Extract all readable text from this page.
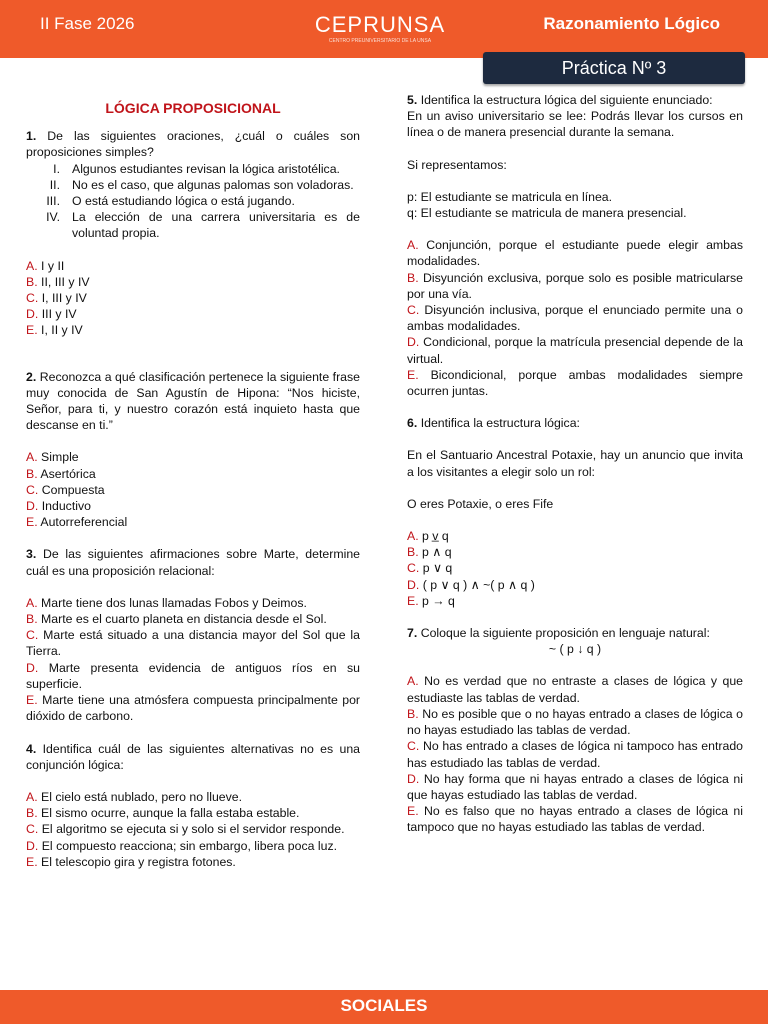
II Fase 2026	CEPRUNSA
CENTRO PREUNIVERSITARIO DE LA UNSA
Razonamiento Lógico
Práctica Nº 3
LÓGICA PROPOSICIONAL

1. De las siguientes oraciones, ¿cuál o cuáles son proposiciones simples?

I. Algunos estudiantes revisan la lógica aristotélica.
II. No es el caso, que algunas palomas son voladoras.
III. O está estudiando lógica o está jugando.
IV. La elección de una carrera universitaria es de voluntad propia.

A. I y II

B. II, III y IV

C. I, III y IV

D. III y IV

E. I, II y IV

2. Reconozca a qué clasificación pertenece la siguiente frase muy conocida de San Agustín de Hipona: “Nos hiciste, Señor, para ti, y nuestro corazón está inquieto hasta que descanse en ti.”

A. Simple

B. Asertórica

C. Compuesta

D. Inductivo

E. Autorreferencial

3. De las siguientes afirmaciones sobre Marte, determine cuál es una proposición relacional:

A. Marte tiene dos lunas llamadas Fobos y Deimos.

B. Marte es el cuarto planeta en distancia desde el Sol.

C. Marte está situado a una distancia mayor del Sol que la Tierra.

D. Marte presenta evidencia de antiguos ríos en su superficie.

E. Marte tiene una atmósfera compuesta principalmente por dióxido de carbono.

4. Identifica cuál de las siguientes alternativas no es una conjunción lógica:

A. El cielo está nublado, pero no llueve.

B. El sismo ocurre, aunque la falla estaba estable.

C. El algoritmo se ejecuta si y solo si el servidor responde.

D. El compuesto reacciona; sin embargo, libera poca luz.

E. El telescopio gira y registra fotones.

5. Identifica la estructura lógica del siguiente enunciado:

En un aviso universitario se lee: Podrás llevar los cursos en línea o de manera presencial durante la semana.

Si representamos:

p: El estudiante se matricula en línea.

q: El estudiante se matricula de manera presencial.

A. Conjunción, porque el estudiante puede elegir ambas modalidades.

B. Disyunción exclusiva, porque solo es posible matricularse por una vía.

C. Disyunción inclusiva, porque el enunciado permite una o ambas modalidades.

D. Condicional, porque la matrícula presencial depende de la virtual.

E. Bicondicional, porque ambas modalidades siempre ocurren juntas.

6. Identifica la estructura lógica:

En el Santuario Ancestral Potaxie, hay un anuncio que invita a los visitantes a elegir solo un rol:

O eres Potaxie, o eres Fife

A. p v̲ q

B. p ∧ q

C. p ∨ q

D. ( p ∨ q ) ∧ ~( p ∧ q )

E. p → q

7. Coloque la siguiente proposición en lenguaje natural:

~ ( p ↓ q )

A. No es verdad que no entraste a clases de lógica y que estudiaste las tablas de verdad.

B. No es posible que o no hayas entrado a clases de lógica o no hayas estudiado las tablas de verdad.

C. No has entrado a clases de lógica ni tampoco has entrado has estudiado las tablas de verdad.

D. No hay forma que ni hayas entrado a clases de lógica ni que hayas estudiado las tablas de verdad.

E. No es falso que no hayas entrado a clases de lógica ni tampoco que no hayas estudiado las tablas de verdad.

SOCIALES
